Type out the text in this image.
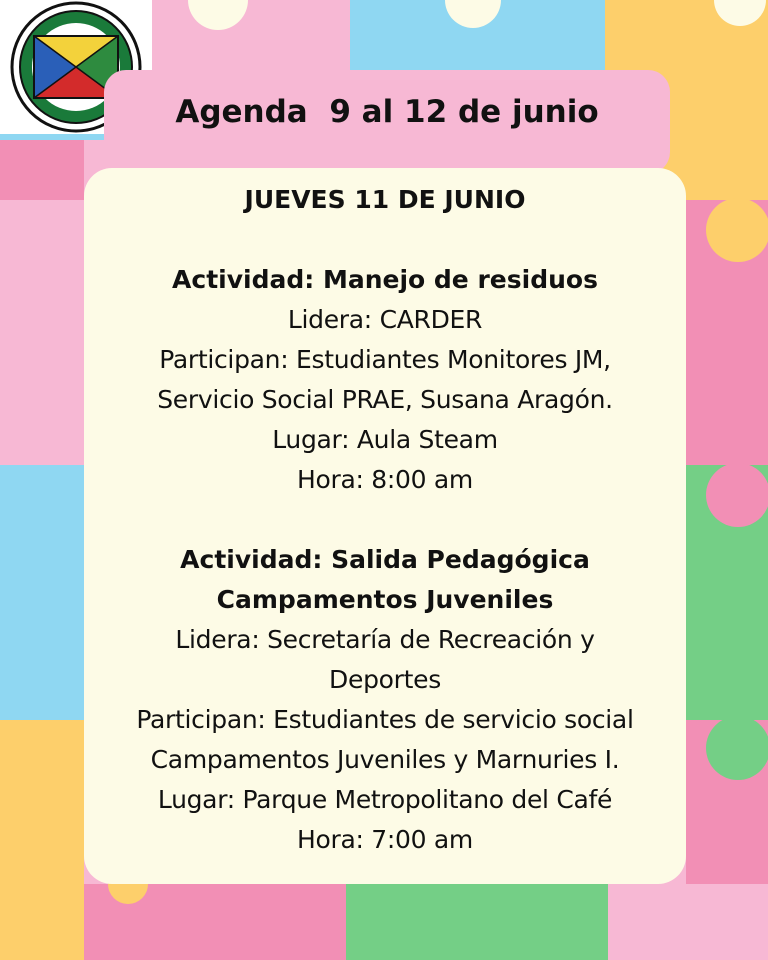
Agenda  9 al 12 de junio

JUEVES 11 DE JUNIO

Actividad: Manejo de residuos

Lidera: CARDER

Participan: Estudiantes Monitores JM,

Servicio Social PRAE, Susana Aragón.

Lugar: Aula Steam

Hora: 8:00 am

Actividad: Salida Pedagógica

Campamentos Juveniles

Lidera: Secretaría de Recreación y

Deportes

Participan: Estudiantes de servicio social

Campamentos Juveniles y Marnuries I.

Lugar: Parque Metropolitano del Café

Hora: 7:00 am
